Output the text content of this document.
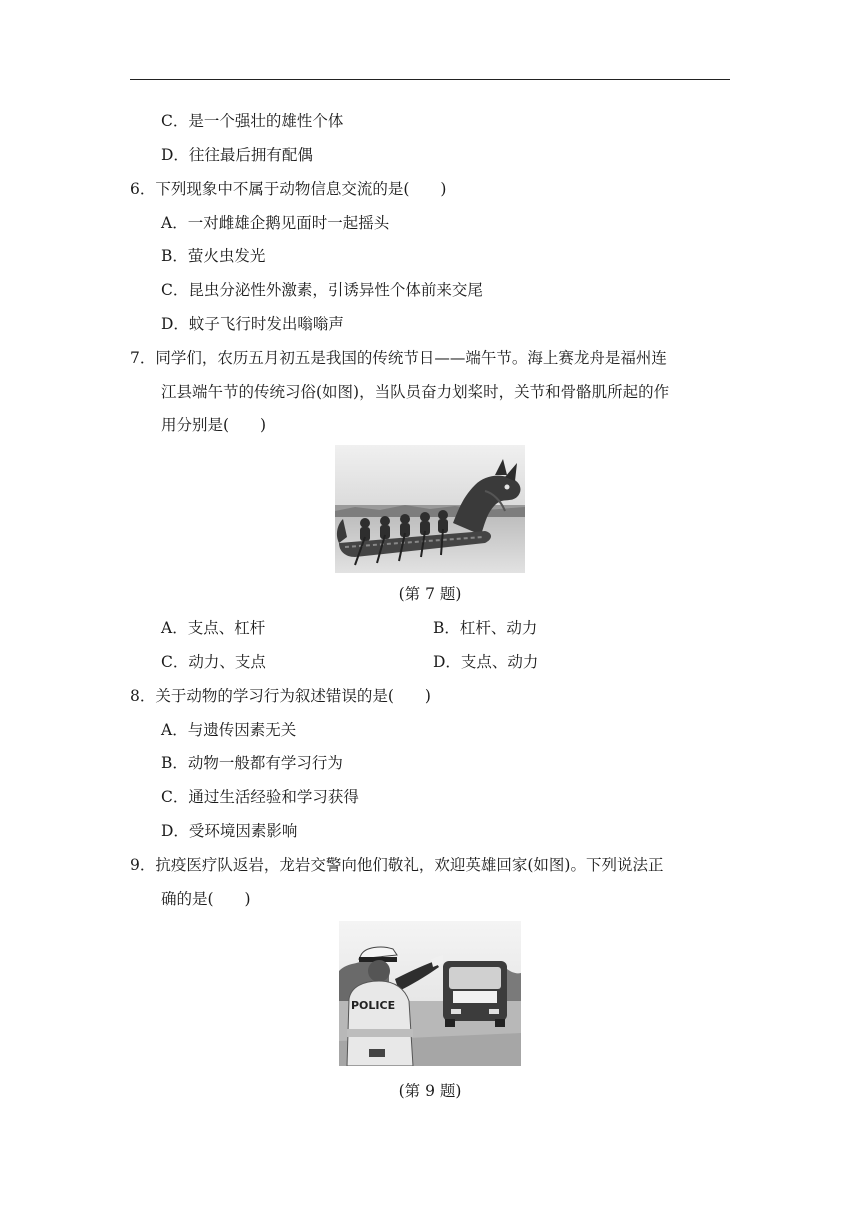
C．是一个强壮的雄性个体
D．往往最后拥有配偶
6．下列现象中不属于动物信息交流的是(　　)
A．一对雌雄企鹅见面时一起摇头
B．萤火虫发光
C．昆虫分泌性外激素，引诱异性个体前来交尾
D．蚊子飞行时发出嗡嗡声
7．同学们，农历五月初五是我国的传统节日——端午节。海上赛龙舟是福州连
江县端午节的传统习俗(如图)，当队员奋力划桨时，关节和骨骼肌所起的作
用分别是(　　)
(第 7 题)
A．支点、杠杆	B．杠杆、动力
C．动力、支点	D．支点、动力
8．关于动物的学习行为叙述错误的是(　　)
A．与遗传因素无关
B．动物一般都有学习行为
C．通过生活经验和学习获得
D．受环境因素影响
9．抗疫医疗队返岩，龙岩交警向他们敬礼，欢迎英雄回家(如图)。下列说法正
确的是(　　)
POLICE
(第 9 题)
